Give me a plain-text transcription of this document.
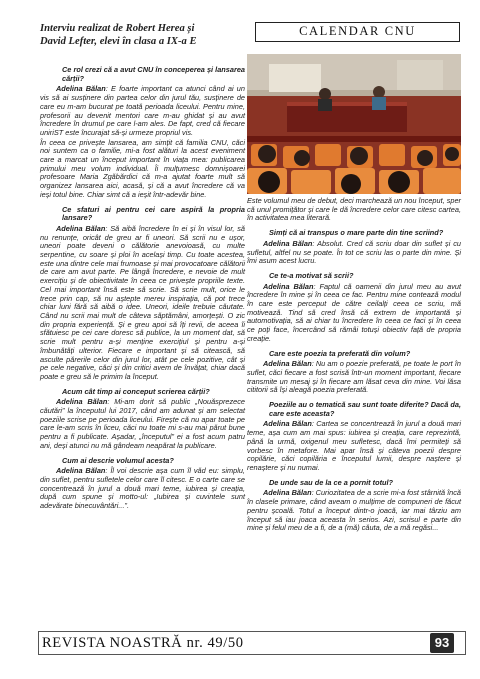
Interviu realizat de Robert Herea și
David Lefter, elevi în clasa a IX-a E
CALENDAR CNU

Ce rol crezi că a avut CNU în conceperea și lansarea cărții?

Adelina Bălan: E foarte important ca atunci când ai un vis să ai susținere din partea celor din jurul tău, susținere de care eu m-am bucurat pe toată perioada liceului. Pentru mine, profesorii au devenit mentori care m-au ghidat și au avut încredere în drumul pe care l-am ales. De fapt, cred că fiecare uniriST este încurajat să-și urmeze propriul vis.

În ceea ce privește lansarea, am simțit că familia CNU, căci noi suntem ca o familie, mi-a fost alături la acest eveniment care a marcat un început important în viața mea: publicarea primului meu volum individual. Îi mulțumesc domnișoarei profesoare Maria Zgăbărdici că m-a ajutat foarte mult să organizez lansarea aici, acasă, și că a avut încredere că va ieși totul bine. Chiar simt că a ieșit într-adevăr bine.

Ce sfaturi ai pentru cei care aspiră la propria lansare?

Adelina Bălan: Să aibă încredere în ei și în visul lor, să nu renunțe, oricât de greu ar fi uneori. Să scrii nu e ușor, uneori poate deveni o călătorie anevoioasă, cu multe serpentine, cu soare și ploi în același timp. Cu toate acestea, este una dintre cele mai frumoase și mai provocatoare călătorii de care am avut parte. Pe lângă încredere, e nevoie de mult exercițiu și de obiectivitate în ceea ce privește propriile texte. Cel mai important însă este să scrie. Să scrie mult, orice le trece prin cap, să nu aștepte mereu inspirația, că pot trece chiar luni fără să aibă o idee. Uneori, ideile trebuie căutate. Când nu scrii mai mult de câteva săptămâni, amorțești. O zic din propria experiență. Și e greu apoi să îți revii, de aceea îi sfătuiesc pe cei care doresc să publice, la un moment dat, să scrie mult pentru a-și menține exercițiul și pentru a-și îmbunătăți ulterior. Fiecare e important și să citească, să asculte părerile celor din jurul lor, atât pe cele pozitive, cât și pe cele negative, căci și din critici avem de învățat, chiar dacă poate e greu să le primim la început.

Acum cât timp ai conceput scrierea cărții?

Adelina Bălan: Mi-am dorit să public „Nouăsprezece căutări” la începutul lui 2017, când am adunat și am selectat poeziile scrise pe perioada liceului. Firește că nu apar toate pe care le-am scris în liceu, căci nu toate mi s-au mai părut bune pentru a fi publicate. Așadar, „începutul” ei a fost acum patru ani, deși atunci nu mă gândeam neapărat la publicare.

Cum ai descrie volumul acesta?

Adelina Bălan: Îl voi descrie așa cum îl văd eu: simplu, din suflet, pentru sufletele celor care îl citesc. E o carte care se concentrează în jurul a două mari teme, iubirea și creația, după cum spune și motto-ul: „Iubirea și cuvintele sunt adevărate binecuvântări...”.

Este volumul meu de debut, deci marchează un nou început, sper că unul promițător și care le dă încredere celor care citesc cartea, în activitatea mea literară.

Simți că ai transpus o mare parte din tine scriind?

Adelina Bălan: Absolut. Cred că scriu doar din suflet și cu sufletul, altfel nu se poate. În tot ce scriu las o parte din mine. Și îmi asum acest lucru.

Ce te-a motivat să scrii?

Adelina Bălan: Faptul că oamenii din jurul meu au avut încredere în mine și în ceea ce fac. Pentru mine contează modul în care este perceput de către ceilalți ceea ce scriu, mă motivează. Tind să cred însă că extrem de importantă și automotivația, să ai chiar tu încredere în ceea ce faci și în ceea ce poți face, încercând să rămâi totuși obiectiv față de propria creație.

Care este poezia ta preferată din volum?

Adelina Bălan: Nu am o poezie preferată, pe toate le port în suflet, căci fiecare a fost scrisă într-un moment important, fiecare transmite un mesaj și în fiecare am lăsat ceva din mine. Voi lăsa cititorii să își aleagă poezia preferată.

Poeziile au o tematică sau sunt toate diferite? Dacă da, care este aceasta?

Adelina Bălan: Cartea se concentrează în jurul a două mari teme, așa cum am mai spus: iubirea și creația, care reprezintă, până la urmă, oxigenul meu sufletesc, dacă îmi permiteți să vorbesc în metafore. Mai apar însă și câteva poezii despre copilărie, căci copilăria e începutul lumii, despre naștere și renaștere și nu numai.

De unde sau de la ce a pornit totul?

Adelina Bălan: Curiozitatea de a scrie mi-a fost stârnită încă în clasele primare, când aveam o mulțime de compuneri de făcut pentru școală. Totul a început dintr-o joacă, iar mai târziu am început să iau joaca aceasta în serios. Azi, scrisul e parte din mine și felul meu de a fi, de a (mă) căuta, de a mă regăsi...

REVISTA NOASTRĂ nr. 49/50	93
